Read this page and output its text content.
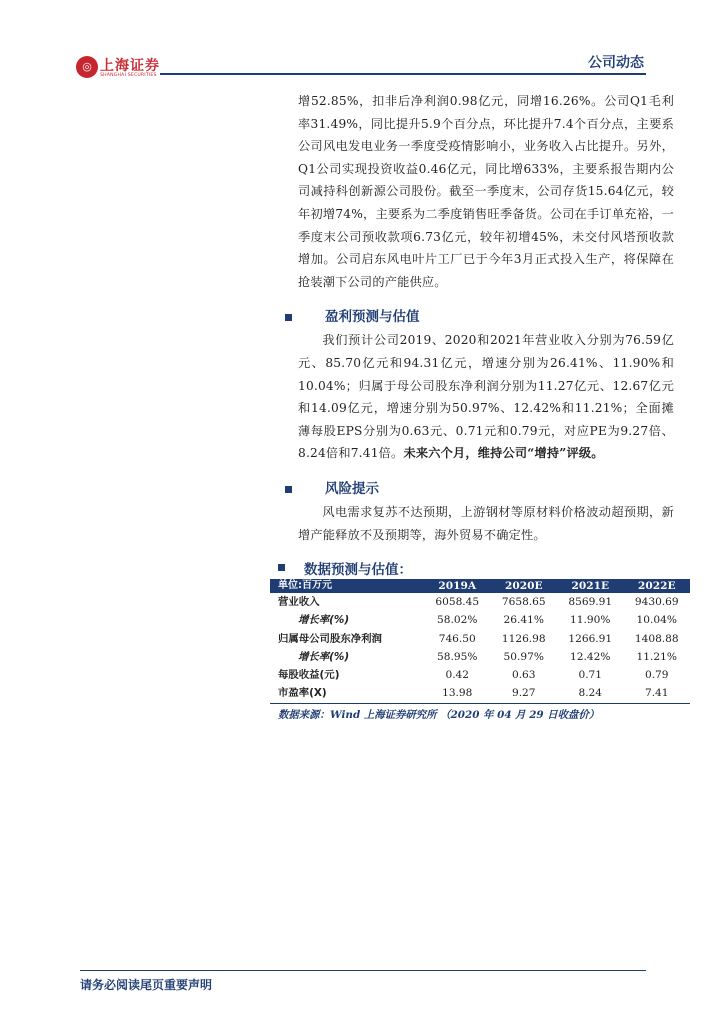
◎ 上海证券
SHANGHAI SECURITIES
公司动态

增52.85%，扣非后净利润0.98亿元，同增16.26%。公司Q1毛利率31.49%，同比提升5.9个百分点，环比提升7.4个百分点，主要系公司风电发电业务一季度受疫情影响小，业务收入占比提升。另外，Q1公司实现投资收益0.46亿元，同比增633%，主要系报告期内公司减持科创新源公司股份。截至一季度末，公司存货15.64亿元，较年初增74%，主要系为二季度销售旺季备货。公司在手订单充裕，一季度末公司预收款项6.73亿元，较年初增45%，未交付风塔预收款增加。公司启东风电叶片工厂已于今年3月正式投入生产，将保障在抢装潮下公司的产能供应。

盈利预测与估值

我们预计公司2019、2020和2021年营业收入分别为76.59亿元、85.70亿元和94.31亿元，增速分别为26.41%、11.90%和10.04%；归属于母公司股东净利润分别为11.27亿元、12.67亿元和14.09亿元，增速分别为50.97%、12.42%和11.21%；全面摊薄每股EPS分别为0.63元、0.71元和0.79元，对应PE为9.27倍、8.24倍和7.41倍。未来六个月，维持公司“增持”评级。

风险提示

风电需求复苏不达预期，上游钢材等原材料价格波动超预期，新增产能释放不及预期等，海外贸易不确定性。

数据预测与估值：
单位:百万元	2019A	2020E	2021E	2022E
营业收入	6058.45	7658.65	8569.91	9430.69
增长率(%)	58.02%	26.41%	11.90%	10.04%
归属母公司股东净利润	746.50	1126.98	1266.91	1408.88
增长率(%)	58.95%	50.97%	12.42%	11.21%
每股收益(元)	0.42	0.63	0.71	0.79
市盈率(X)	13.98	9.27	8.24	7.41
数据来源：Wind 上海证券研究所 （2020 年 04 月 29 日收盘价）
请务必阅读尾页重要声明
